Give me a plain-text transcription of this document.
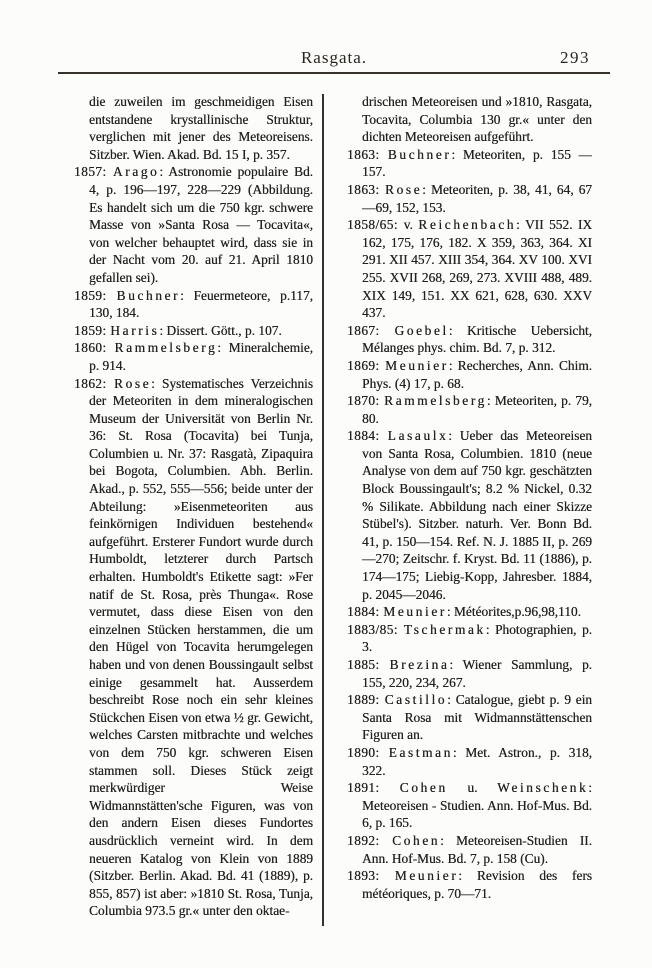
Rasgata.	293

die zuweilen im geschmeidigen Eisen entstandene krystallinische Struktur, verglichen mit jener des Meteoreisens. Sitzber. Wien. Akad. Bd. 15 I, p. 357.

1857: Arago: Astronomie populaire Bd. 4, p. 196—197, 228—229 (Abbildung. Es handelt sich um die 750 kgr. schwere Masse von »Santa Rosa — Tocavita«, von welcher behauptet wird, dass sie in der Nacht vom 20. auf 21. April 1810 gefallen sei).

1859: Buchner: Feuermeteore, p.117, 130, 184.

1859: Harris: Dissert. Gött., p. 107.

1860: Rammelsberg: Mineralchemie, p. 914.

1862: Rose: Systematisches Verzeichnis der Meteoriten in dem mineralogischen Museum der Universität von Berlin Nr. 36: St. Rosa (Tocavita) bei Tunja, Columbien u. Nr. 37: Rasgatà, Zipaquira bei Bogota, Columbien. Abh. Berlin. Akad., p. 552, 555—556; beide unter der Abteilung: »Eisenmeteoriten aus feinkörnigen Individuen bestehend« aufgeführt. Ersterer Fundort wurde durch Humboldt, letzterer durch Partsch erhalten. Humboldt's Etikette sagt: »Fer natif de St. Rosa, près Thunga«. Rose vermutet, dass diese Eisen von den einzelnen Stücken herstammen, die um den Hügel von Tocavita herumgelegen haben und von denen Boussingault selbst einige gesammelt hat. Ausserdem beschreibt Rose noch ein sehr kleines Stückchen Eisen von etwa ½ gr. Gewicht, welches Carsten mitbrachte und welches von dem 750 kgr. schweren Eisen stammen soll. Dieses Stück zeigt merkwürdiger Weise Widmannstätten'sche Figuren, was von den andern Eisen dieses Fundortes ausdrücklich verneint wird. In dem neueren Katalog von Klein von 1889 (Sitzber. Berlin. Akad. Bd. 41 (1889), p. 855, 857) ist aber: »1810 St. Rosa, Tunja, Columbia 973.5 gr.« unter den oktae-

drischen Meteoreisen und »1810, Rasgata, Tocavita, Columbia 130 gr.« unter den dichten Meteoreisen aufgeführt.

1863: Buchner: Meteoriten, p. 155 —157.

1863: Rose: Meteoriten, p. 38, 41, 64, 67—69, 152, 153.

1858/65: v. Reichenbach: VII 552. IX 162, 175, 176, 182. X 359, 363, 364. XI 291. XII 457. XIII 354, 364. XV 100. XVI 255. XVII 268, 269, 273. XVIII 488, 489. XIX 149, 151. XX 621, 628, 630. XXV 437.

1867: Goebel: Kritische Uebersicht, Mélanges phys. chim. Bd. 7, p. 312.

1869: Meunier: Recherches, Ann. Chim. Phys. (4) 17, p. 68.

1870: Rammelsberg: Meteoriten, p. 79, 80.

1884: Lasaulx: Ueber das Meteoreisen von Santa Rosa, Columbien. 1810 (neue Analyse von dem auf 750 kgr. geschätzten Block Boussingault's; 8.2 % Nickel, 0.32 % Silikate. Abbildung nach einer Skizze Stübel's). Sitzber. naturh. Ver. Bonn Bd. 41, p. 150—154. Ref. N. J. 1885 II, p. 269—270; Zeitschr. f. Kryst. Bd. 11 (1886), p. 174—175; Liebig-Kopp, Jahresber. 1884, p. 2045—2046.

1884: Meunier: Météorites,p.96,98,110.

1883/85: Tschermak: Photographien, p. 3.

1885: Brezina: Wiener Sammlung, p. 155, 220, 234, 267.

1889: Castillo: Catalogue, giebt p. 9 ein Santa Rosa mit Widmannstättenschen Figuren an.

1890: Eastman: Met. Astron., p. 318, 322.

1891: Cohen u. Weinschenk: Meteoreisen - Studien. Ann. Hof-Mus. Bd. 6, p. 165.

1892: Cohen: Meteoreisen-Studien II. Ann. Hof-Mus. Bd. 7, p. 158 (Cu).

1893: Meunier: Revision des fers météoriques, p. 70—71.
